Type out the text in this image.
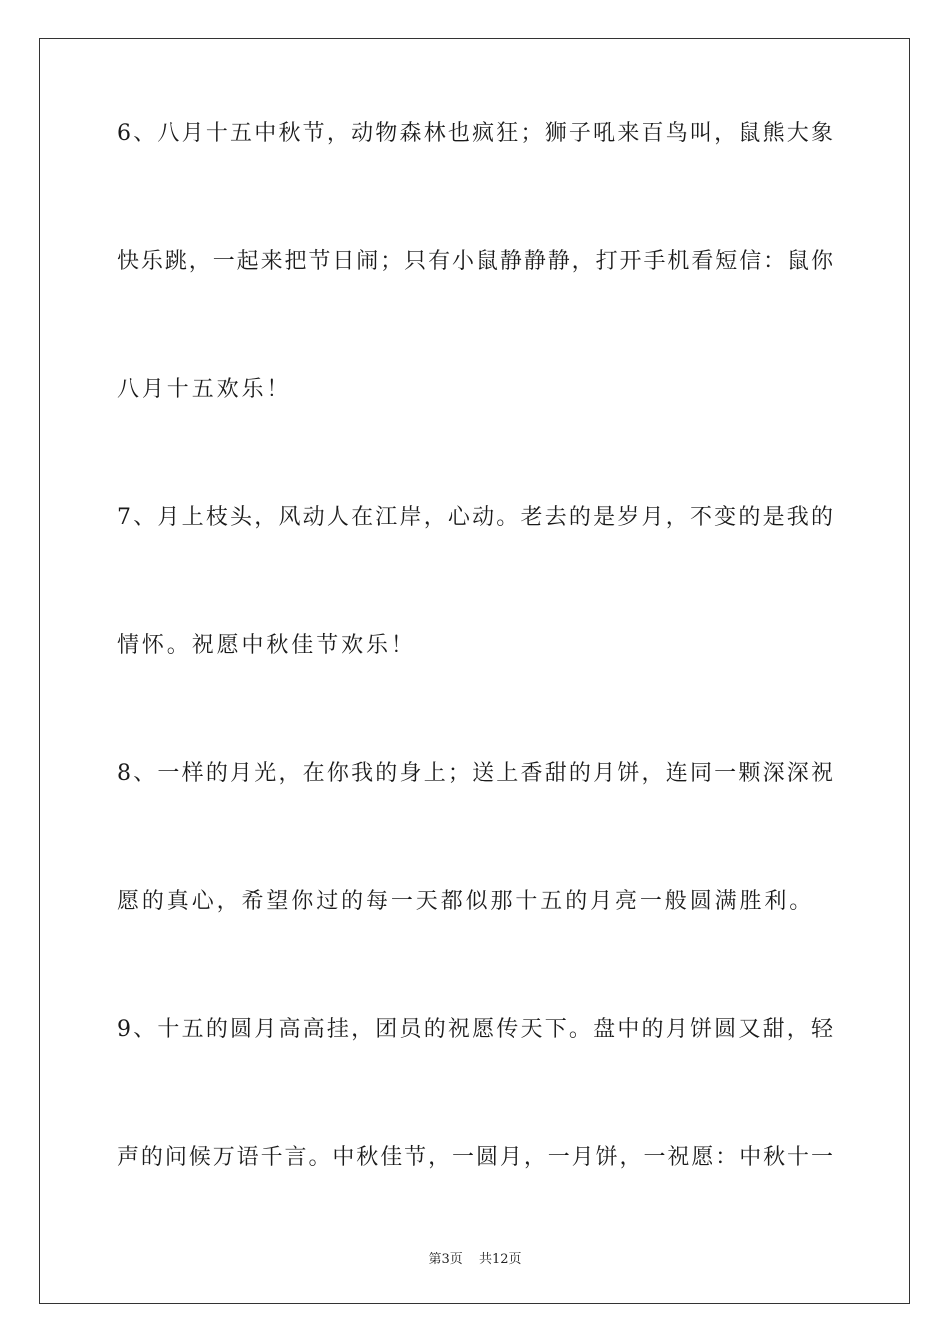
6、八月十五中秋节，动物森林也疯狂；狮子吼来百鸟叫，鼠熊大象
快乐跳，一起来把节日闹；只有小鼠静静静，打开手机看短信：鼠你
八月十五欢乐！
7、月上枝头，风动人在江岸，心动。老去的是岁月，不变的是我的
情怀。祝愿中秋佳节欢乐！
8、一样的月光，在你我的身上；送上香甜的月饼，连同一颗深深祝
愿的真心，希望你过的每一天都似那十五的月亮一般圆满胜利。
9、十五的圆月高高挂，团员的祝愿传天下。盘中的月饼圆又甜，轻
声的问候万语千言。中秋佳节，一圆月，一月饼，一祝愿：中秋十一
第3页 共12页
